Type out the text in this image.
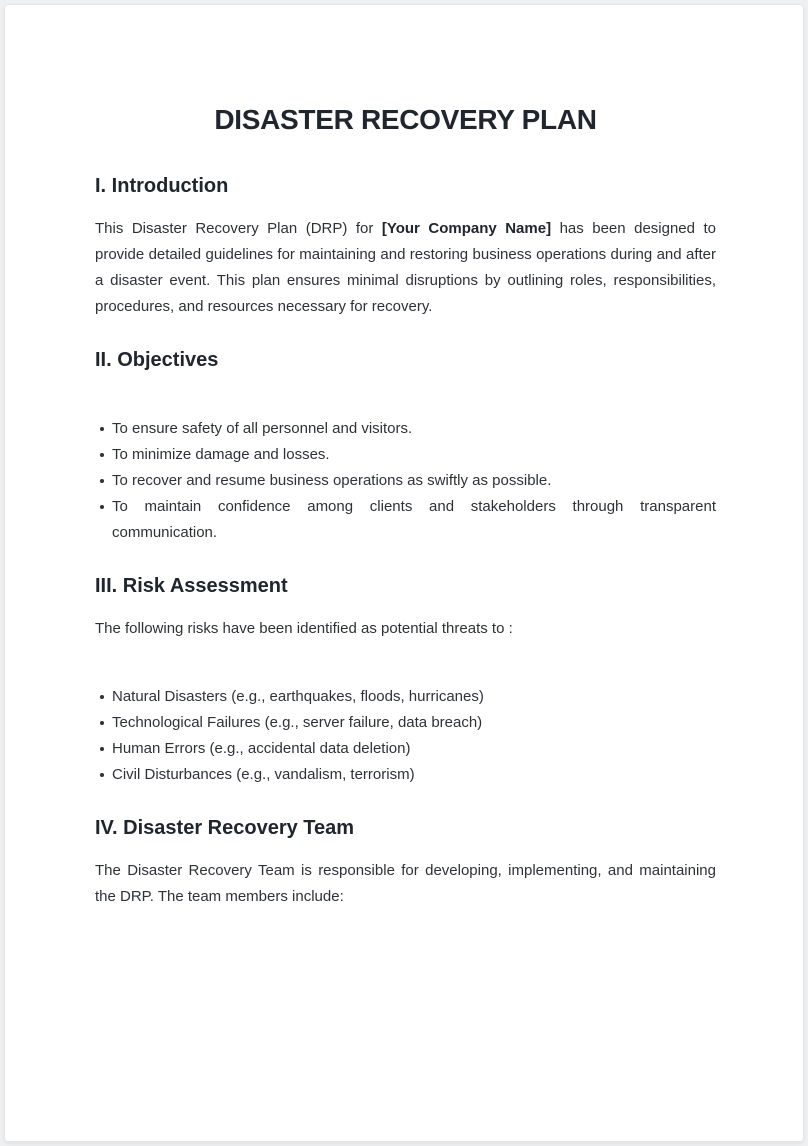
DISASTER RECOVERY PLAN
I. Introduction

This Disaster Recovery Plan (DRP) for [Your Company Name] has been designed to provide detailed guidelines for maintaining and restoring business operations during and after a disaster event. This plan ensures minimal disruptions by outlining roles, responsibilities, procedures, and resources necessary for recovery.

II. Objectives
To ensure safety of all personnel and visitors.
To minimize damage and losses.
To recover and resume business operations as swiftly as possible.
To maintain confidence among clients and stakeholders through transparent communication.
III. Risk Assessment

The following risks have been identified as potential threats to :

Natural Disasters (e.g., earthquakes, floods, hurricanes)
Technological Failures (e.g., server failure, data breach)
Human Errors (e.g., accidental data deletion)
Civil Disturbances (e.g., vandalism, terrorism)
IV. Disaster Recovery Team

The Disaster Recovery Team is responsible for developing, implementing, and maintaining the DRP. The team members include:
